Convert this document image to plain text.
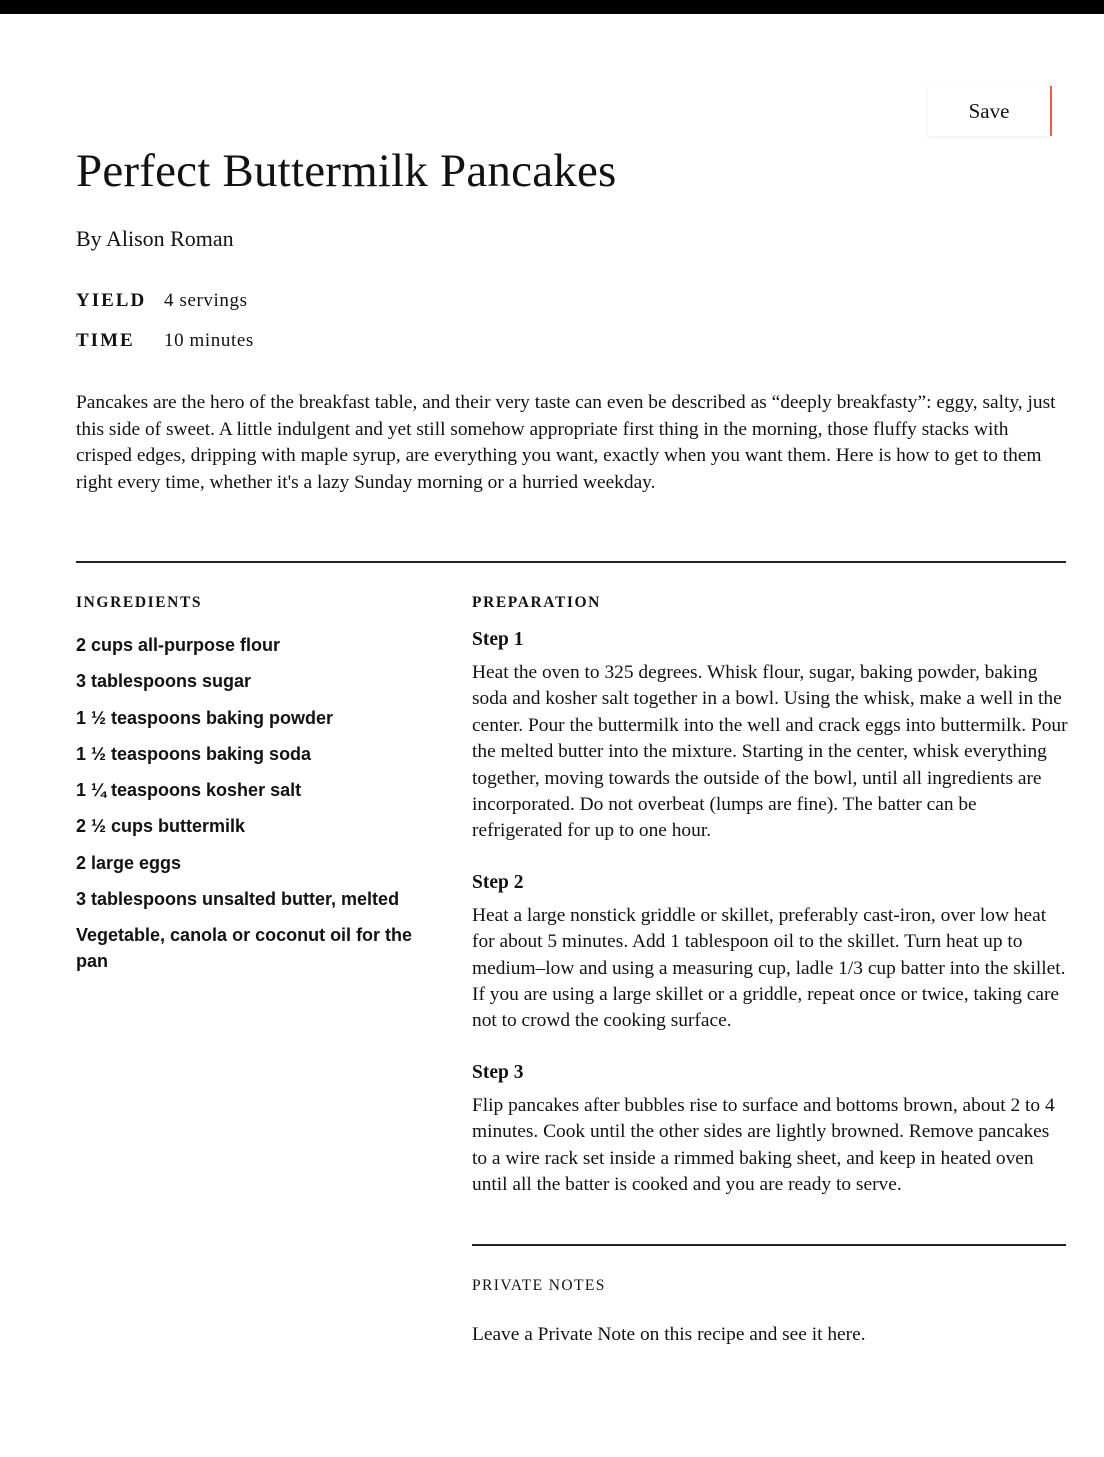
Save
Perfect Buttermilk Pancakes
By Alison Roman
YIELD 4 servings
TIME	10 minutes

Pancakes are the hero of the breakfast table, and their very taste can even be described as “deeply breakfasty”: eggy, salty, just this side of sweet. A little indulgent and yet still somehow appropriate first thing in the morning, those fluffy stacks with crisped edges, dripping with maple syrup, are everything you want, exactly when you want them. Here is how to get to them right every time, whether it's a lazy Sunday morning or a hurried weekday.

INGREDIENTS	PREPARATION
2 cups all-purpose flour
3 tablespoons sugar
1 ½ teaspoons baking powder
1 ½ teaspoons baking soda
1 ¼ teaspoons kosher salt
2 ½ cups buttermilk
2 large eggs
3 tablespoons unsalted butter, melted
Vegetable, canola or coconut oil for the pan

Step 1

Heat the oven to 325 degrees. Whisk flour, sugar, baking powder, baking soda and kosher salt together in a bowl. Using the whisk, make a well in the center. Pour the buttermilk into the well and crack eggs into buttermilk. Pour the melted butter into the mixture. Starting in the center, whisk everything together, moving towards the outside of the bowl, until all ingredients are incorporated. Do not overbeat (lumps are fine). The batter can be refrigerated for up to one hour.

Step 2

Heat a large nonstick griddle or skillet, preferably cast-iron, over low heat for about 5 minutes. Add 1 tablespoon oil to the skillet. Turn heat up to medium–low and using a measuring cup, ladle 1/3 cup batter into the skillet. If you are using a large skillet or a griddle, repeat once or twice, taking care not to crowd the cooking surface.

Step 3

Flip pancakes after bubbles rise to surface and bottoms brown, about 2 to 4 minutes. Cook until the other sides are lightly browned. Remove pancakes to a wire rack set inside a rimmed baking sheet, and keep in heated oven until all the batter is cooked and you are ready to serve.

PRIVATE NOTES
Leave a Private Note on this recipe and see it here.
